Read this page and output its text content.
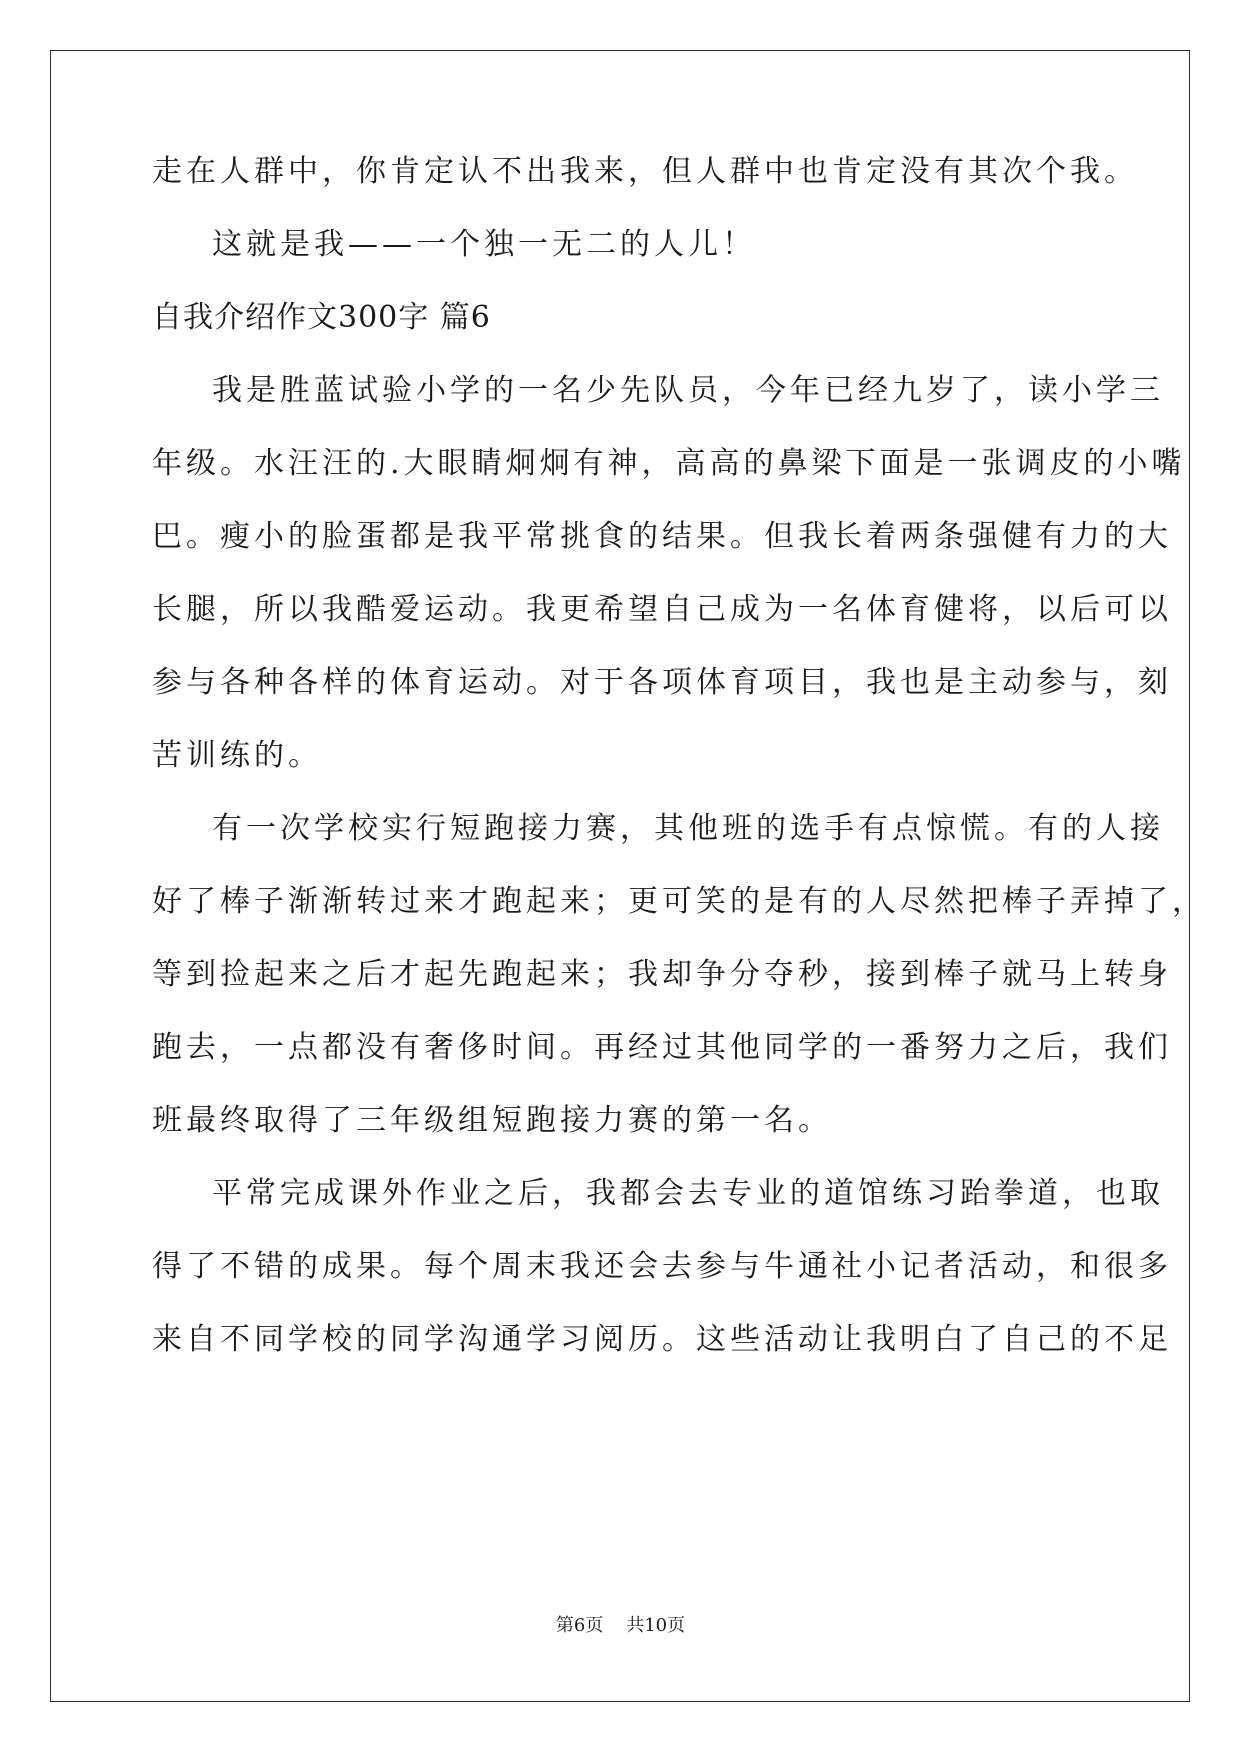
走在人群中，你肯定认不出我来，但人群中也肯定没有其次个我。
这就是我——一个独一无二的人儿！
自我介绍作文300字 篇6
我是胜蓝试验小学的一名少先队员，今年已经九岁了，读小学三
年级。水汪汪的.大眼睛炯炯有神，高高的鼻梁下面是一张调皮的小嘴
巴。瘦小的脸蛋都是我平常挑食的结果。但我长着两条强健有力的大
长腿，所以我酷爱运动。我更希望自己成为一名体育健将，以后可以
参与各种各样的体育运动。对于各项体育项目，我也是主动参与，刻
苦训练的。
有一次学校实行短跑接力赛，其他班的选手有点惊慌。有的人接
好了棒子渐渐转过来才跑起来；更可笑的是有的人尽然把棒子弄掉了，
等到捡起来之后才起先跑起来；我却争分夺秒，接到棒子就马上转身
跑去，一点都没有奢侈时间。再经过其他同学的一番努力之后，我们
班最终取得了三年级组短跑接力赛的第一名。
平常完成课外作业之后，我都会去专业的道馆练习跆拳道，也取
得了不错的成果。每个周末我还会去参与牛通社小记者活动，和很多
来自不同学校的同学沟通学习阅历。这些活动让我明白了自己的不足
第6页    共10页
